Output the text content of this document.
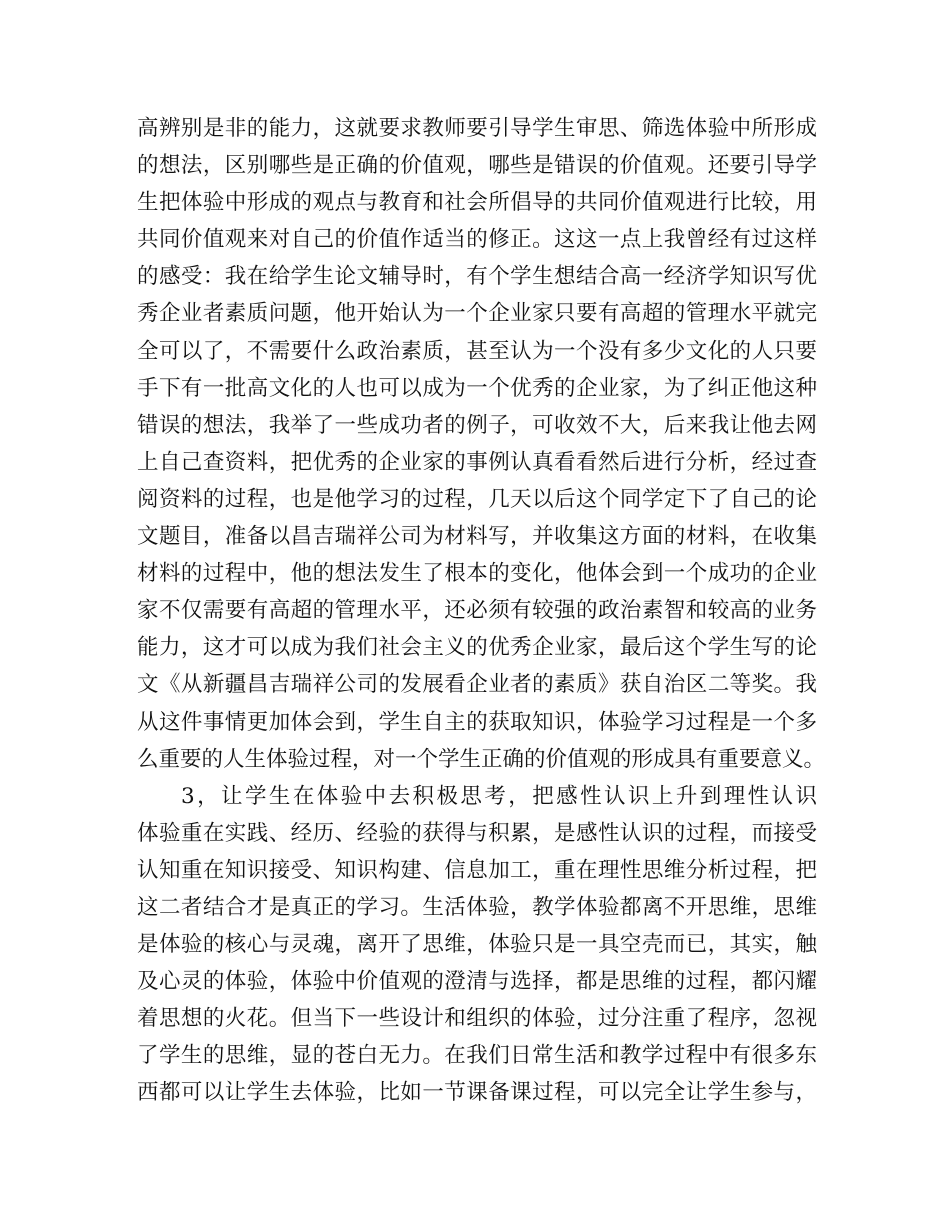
高辨别是非的能力，这就要求教师要引导学生审思、筛选体验中所形成
的想法，区别哪些是正确的价值观，哪些是错误的价值观。还要引导学
生把体验中形成的观点与教育和社会所倡导的共同价值观进行比较，用
共同价值观来对自己的价值作适当的修正。这这一点上我曾经有过这样
的感受：我在给学生论文辅导时，有个学生想结合高一经济学知识写优
秀企业者素质问题，他开始认为一个企业家只要有高超的管理水平就完
全可以了，不需要什么政治素质，甚至认为一个没有多少文化的人只要
手下有一批高文化的人也可以成为一个优秀的企业家，为了纠正他这种
错误的想法，我举了一些成功者的例子，可收效不大，后来我让他去网
上自己查资料，把优秀的企业家的事例认真看看然后进行分析，经过查
阅资料的过程，也是他学习的过程，几天以后这个同学定下了自己的论
文题目，准备以昌吉瑞祥公司为材料写，并收集这方面的材料，在收集
材料的过程中，他的想法发生了根本的变化，他体会到一个成功的企业
家不仅需要有高超的管理水平，还必须有较强的政治素智和较高的业务
能力，这才可以成为我们社会主义的优秀企业家，最后这个学生写的论
文《从新疆昌吉瑞祥公司的发展看企业者的素质》获自治区二等奖。我
从这件事情更加体会到，学生自主的获取知识，体验学习过程是一个多
么重要的人生体验过程，对一个学生正确的价值观的形成具有重要意义。
3，让学生在体验中去积极思考，把感性认识上升到理性认识
体验重在实践、经历、经验的获得与积累，是感性认识的过程，而接受
认知重在知识接受、知识构建、信息加工，重在理性思维分析过程，把
这二者结合才是真正的学习。生活体验，教学体验都离不开思维，思维
是体验的核心与灵魂，离开了思维，体验只是一具空壳而已，其实，触
及心灵的体验，体验中价值观的澄清与选择，都是思维的过程，都闪耀
着思想的火花。但当下一些设计和组织的体验，过分注重了程序，忽视
了学生的思维，显的苍白无力。在我们日常生活和教学过程中有很多东
西都可以让学生去体验，比如一节课备课过程，可以完全让学生参与，
